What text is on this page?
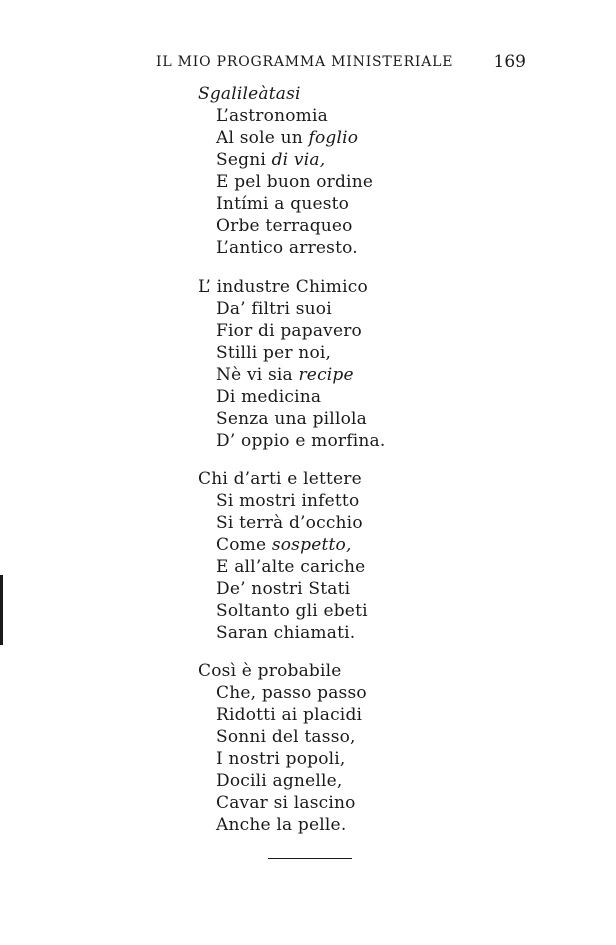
IL MIO PROGRAMMA MINISTERIALE 169
Sgalileàtasi
L’astronomia
Al sole un foglio
Segni di via,
E pel buon ordine
Intími a questo
Orbe terraqueo
L’antico arresto.
L’ industre Chimico
Da’ filtri suoi
Fior di papavero
Stilli per noi,
Nè vi sia recipe
Di medicina
Senza una pillola
D’ oppio e morfina.
Chi d’arti e lettere
Si mostri infetto
Si terrà d’occhio
Come sospetto,
E all’alte cariche
De’ nostri Stati
Soltanto gli ebeti
Saran chiamati.
Così è probabile
Che, passo passo
Ridotti ai placidi
Sonni del tasso,
I nostri popoli,
Docili agnelle,
Cavar si lascino
Anche la pelle.
